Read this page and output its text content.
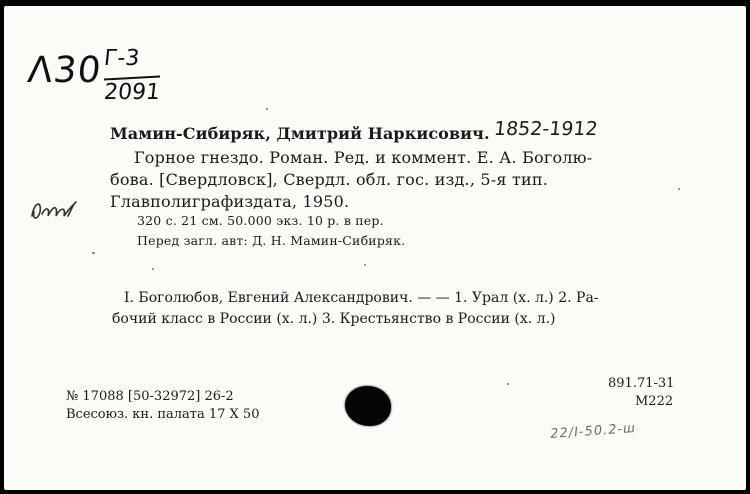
Λ30 Г-3
2091
Мамин-Сибиряк, Дмитрий Наркисович. 1852-1912
Горное гнездо. Роман. Ред. и коммент. Е. А. Боголю-
бова. [Свердловск], Свердл. обл. гос. изд., 5-я тип.
Главполиграфиздата, 1950.
320 с. 21 см. 50.000 экз. 10 р. в пер.
Перед загл. авт: Д. Н. Мамин-Сибиряк.
I. Боголюбов, Евгений Александрович. — — 1. Урал (х. л.) 2. Ра-
бочий класс в России (х. л.) 3. Крестьянство в России (х. л.)
№ 17088 [50-32972] 26-2
Всесоюз. кн. палата 17 X 50
891.71-31
М222
22/I-50.2-ш
